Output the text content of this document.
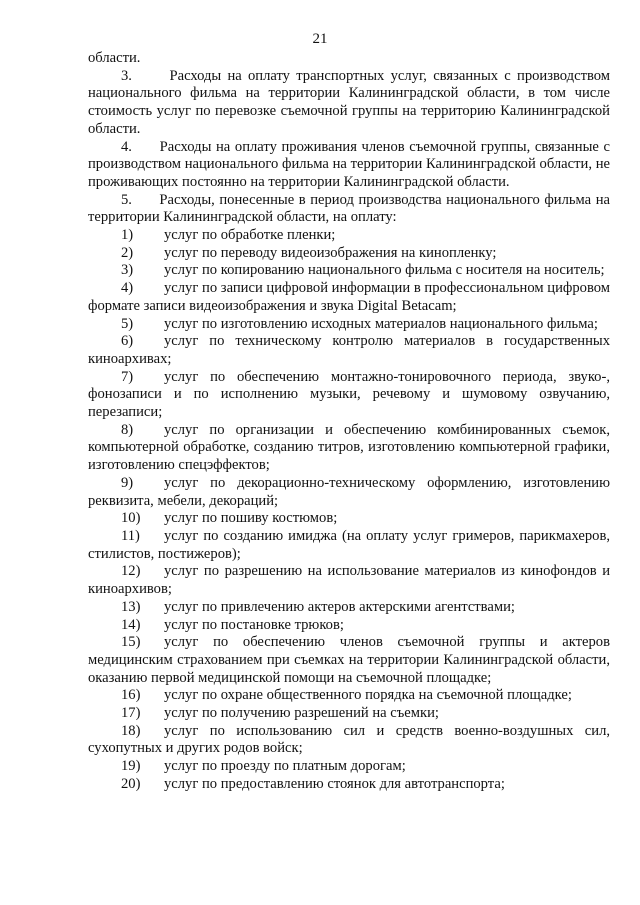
21
области.
3.	Расходы на оплату транспортных услуг, связанных с производством национального фильма на территории Калининградской области, в том числе стоимость услуг по перевозке съемочной группы на территорию Калининградской области.
4. Расходы на оплату проживания членов съемочной группы, связанные с производством национального фильма на территории Калининградской области, не проживающих постоянно на территории Калининградской области.
5. Расходы, понесенные в период производства национального фильма на территории Калининградской области, на оплату:
1) услуг по обработке пленки;
2) услуг по переводу видеоизображения на кинопленку;
3) услуг по копированию национального фильма с носителя на носитель;
4) услуг по записи цифровой информации в профессиональном цифровом формате записи видеоизображения и звука Digital Betacam;
5) услуг по изготовлению исходных материалов национального фильма;
6) услуг по техническому контролю материалов в государственных киноархивах;
7) услуг по обеспечению монтажно-тонировочного периода, звуко-, фонозаписи и по исполнению музыки, речевому и шумовому озвучанию, перезаписи;
8) услуг по организации и обеспечению комбинированных съемок, компьютерной обработке, созданию титров, изготовлению компьютерной графики, изготовлению спецэффектов;
9) услуг по декорационно-техническому оформлению, изготовлению реквизита, мебели, декораций;
10) услуг по пошиву костюмов;
11) услуг по созданию имиджа (на оплату услуг гримеров, парикмахеров, стилистов, постижеров);
12) услуг по разрешению на использование материалов из кинофондов и киноархивов;
13) услуг по привлечению актеров актерскими агентствами;
14) услуг по постановке трюков;
15) услуг по обеспечению членов съемочной группы и актеров медицинским страхованием при съемках на территории Калининградской области, оказанию первой медицинской помощи на съемочной площадке;
16) услуг по охране общественного порядка на съемочной площадке;
17) услуг по получению разрешений на съемки;
18) услуг по использованию сил и средств военно-воздушных сил, сухопутных и других родов войск;
19) услуг по проезду по платным дорогам;
20) услуг по предоставлению стоянок для автотранспорта;
